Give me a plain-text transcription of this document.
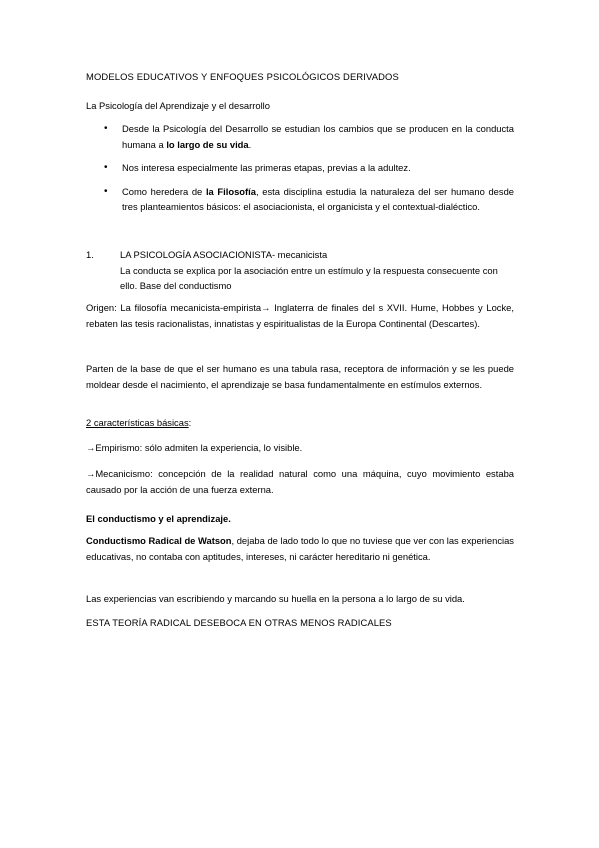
MODELOS EDUCATIVOS Y ENFOQUES PSICOLÓGICOS DERIVADOS

La Psicología del Aprendizaje y el desarrollo

• Desde la Psicología del Desarrollo se estudian los cambios que se producen en la conducta humana a lo largo de su vida.
• Nos interesa especialmente las primeras etapas, previas a la adultez.
• Como heredera de la Filosofía, esta disciplina estudia la naturaleza del ser humano desde tres planteamientos básicos: el asociacionista, el organicista y el contextual-dialéctico.
1.	LA PSICOLOGÍA ASOCIACIONISTA- mecanicista
La conducta se explica por la asociación entre un estímulo y la respuesta consecuente con ello. Base del conductismo

Origen: La filosofía mecanicista-empirista→ Inglaterra de finales del s XVII. Hume, Hobbes y Locke, rebaten las tesis racionalistas, innatistas y espiritualistas de la Europa Continental (Descartes).

Parten de la base de que el ser humano es una tabula rasa, receptora de información y se les puede moldear desde el nacimiento, el aprendizaje se basa fundamentalmente en estímulos externos.

2 características básicas:

→Empirismo: sólo admiten la experiencia, lo visible.

→Mecanicismo: concepción de la realidad natural como una máquina, cuyo movimiento estaba causado por la acción de una fuerza externa.

El conductismo y el aprendizaje.

Conductismo Radical de Watson, dejaba de lado todo lo que no tuviese que ver con las experiencias educativas, no contaba con aptitudes, intereses, ni carácter hereditario ni genética.

Las experiencias van escribiendo y marcando su huella en la persona a lo largo de su vida.

ESTA TEORÍA RADICAL DESEBOCA EN OTRAS MENOS RADICALES
